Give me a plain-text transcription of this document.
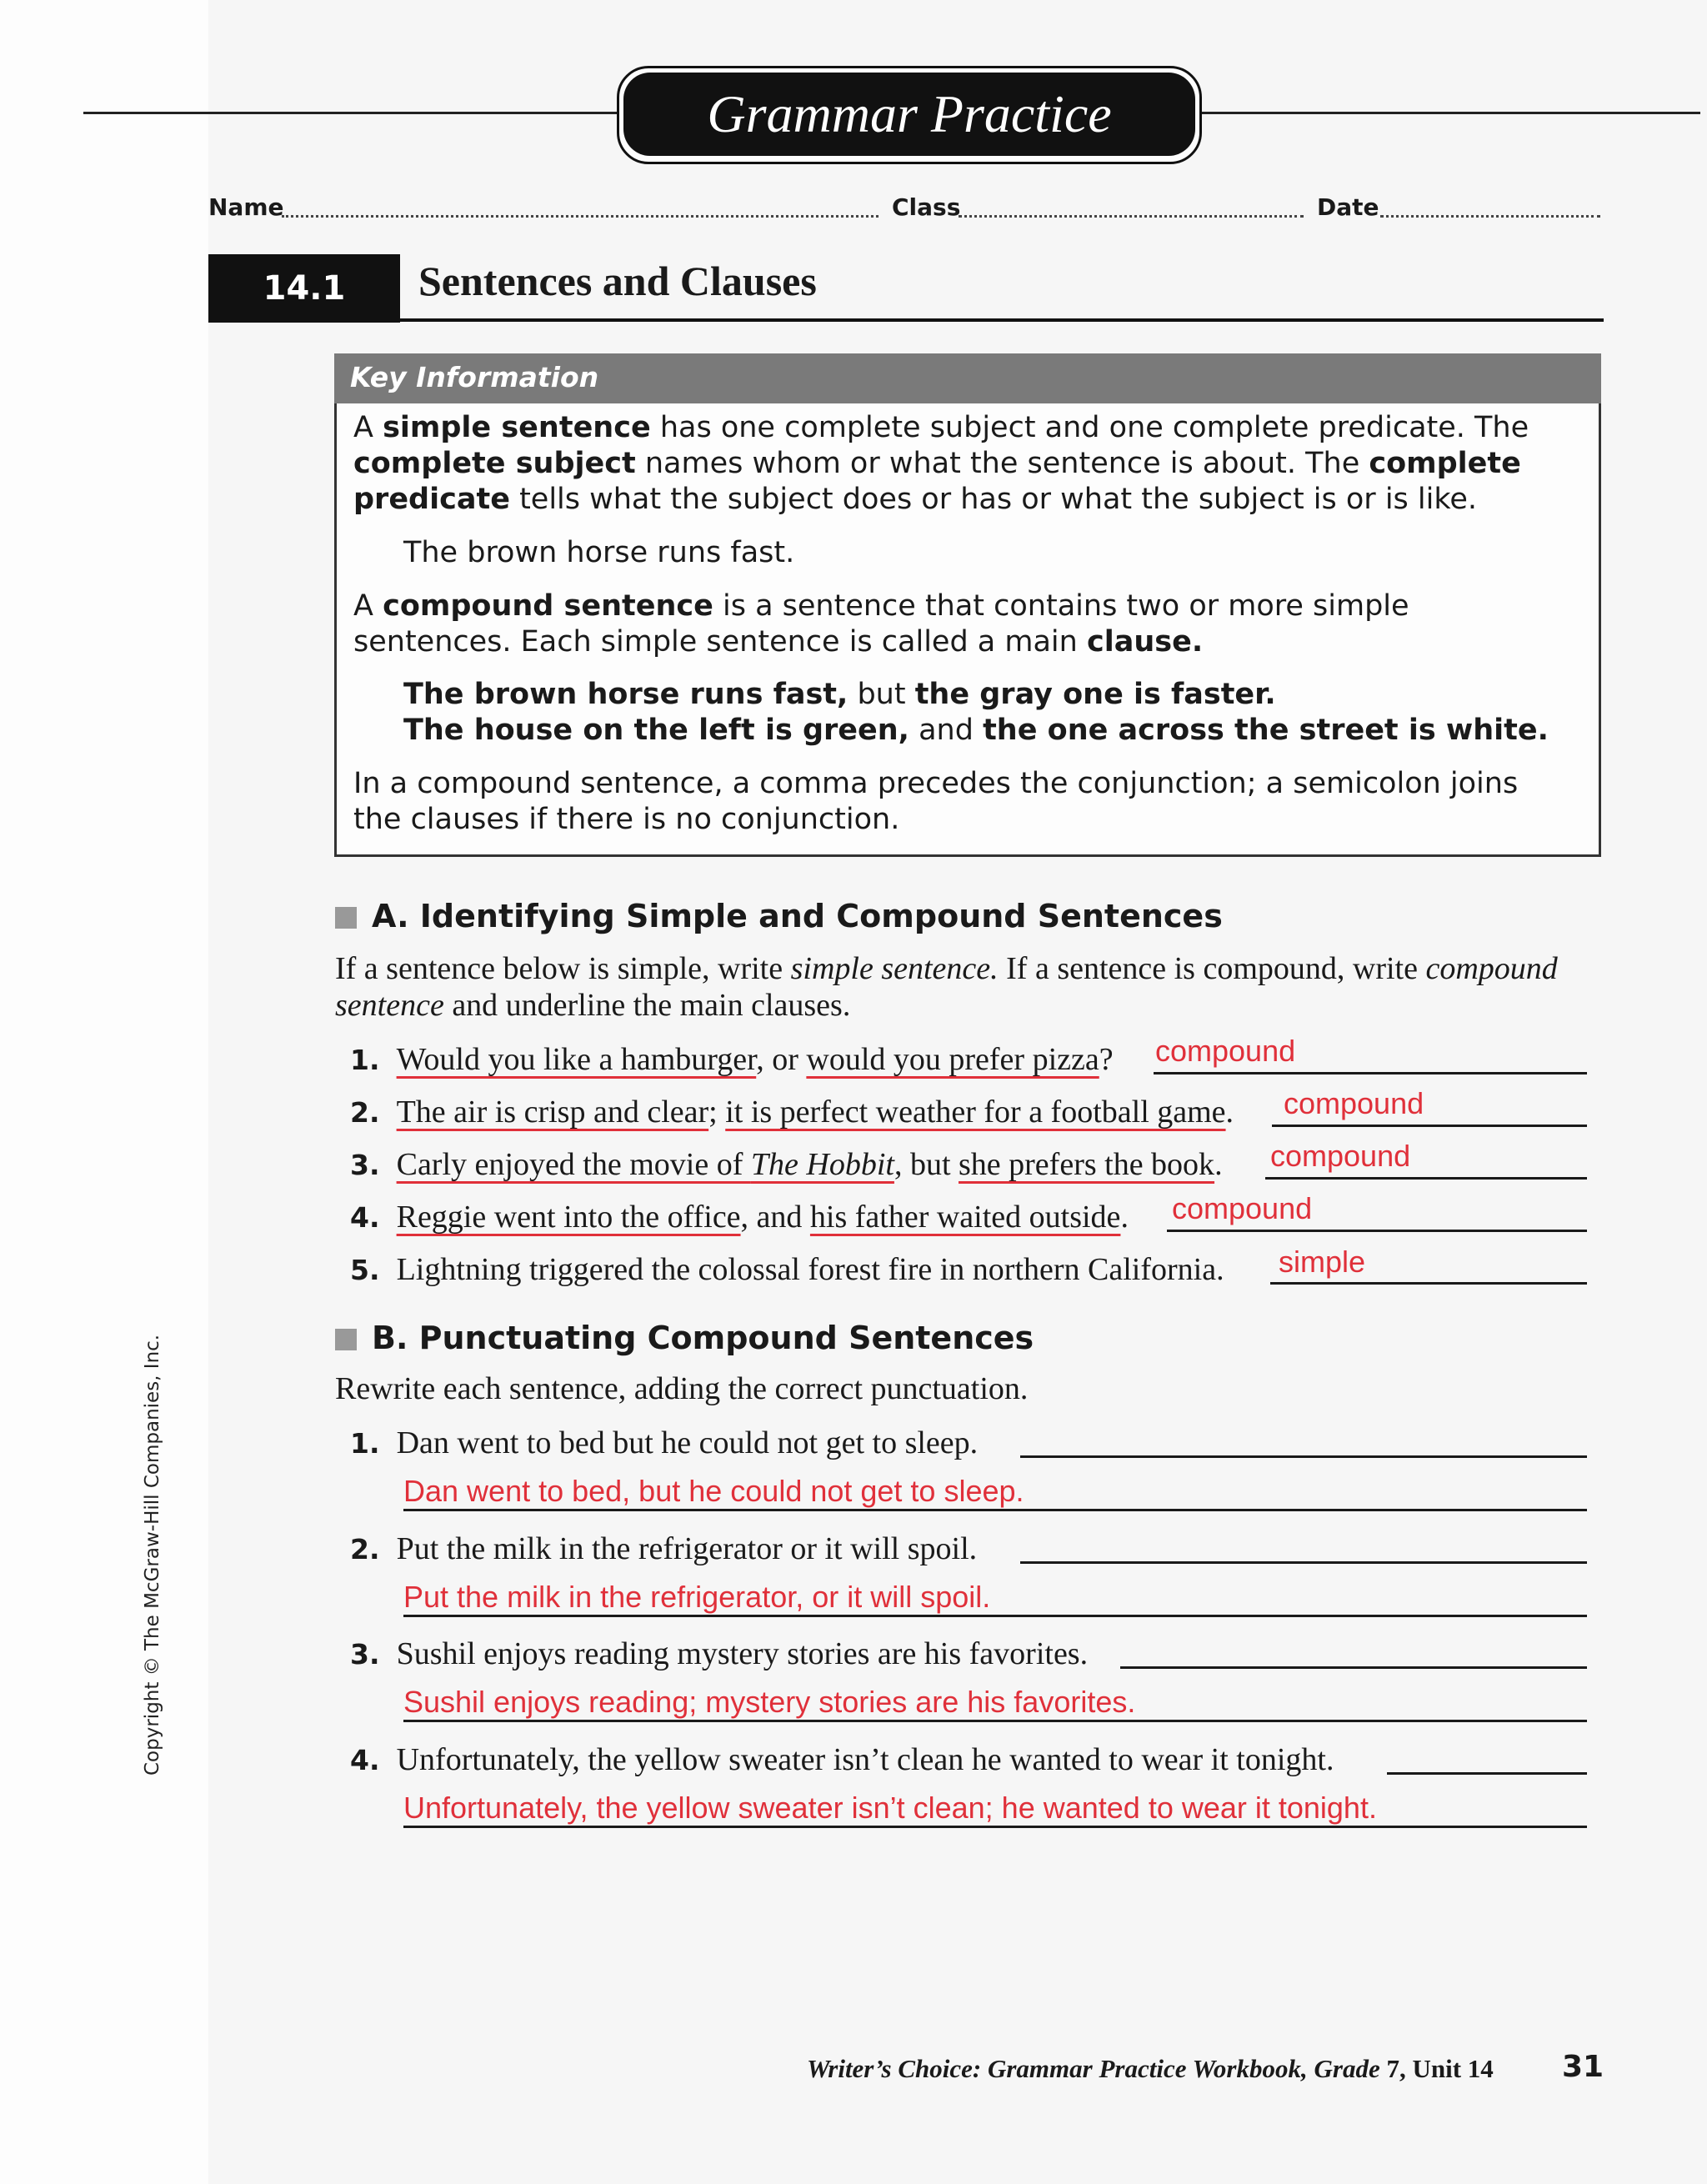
Grammar Practice
Name	Class	Date
14.1	Sentences and Clauses
Key Information
A simple sentence has one complete subject and one complete predicate. The complete subject names whom or what the sentence is about. The complete predicate tells what the subject does or has or what the subject is or is like.
The brown horse runs fast.
A compound sentence is a sentence that contains two or more simple sentences. Each simple sentence is called a main clause.
The brown horse runs fast, but the gray one is faster.
The house on the left is green, and the one across the street is white.
In a compound sentence, a comma precedes the conjunction; a semicolon joins the clauses if there is no conjunction.
A. Identifying Simple and Compound Sentences
If a sentence below is simple, write simple sentence. If a sentence is compound, write compound sentence and underline the main clauses.
1. Would you like a hamburger, or would you prefer pizza? compound
2. The air is crisp and clear; it is perfect weather for a football game. compound
3. Carly enjoyed the movie of The Hobbit, but she prefers the book. compound
4. Reggie went into the office, and his father waited outside. compound
5. Lightning triggered the colossal forest fire in northern California. simple
B. Punctuating Compound Sentences
Rewrite each sentence, adding the correct punctuation.
1. Dan went to bed but he could not get to sleep.
Dan went to bed, but he could not get to sleep.
2. Put the milk in the refrigerator or it will spoil.
Put the milk in the refrigerator, or it will spoil.
3. Sushil enjoys reading mystery stories are his favorites.
Sushil enjoys reading; mystery stories are his favorites.
4. Unfortunately, the yellow sweater isn’t clean he wanted to wear it tonight.
Unfortunately, the yellow sweater isn’t clean; he wanted to wear it tonight.
Copyright © The McGraw-Hill Companies, Inc.
Writer’s Choice: Grammar Practice Workbook, Grade 7, Unit 14 31
